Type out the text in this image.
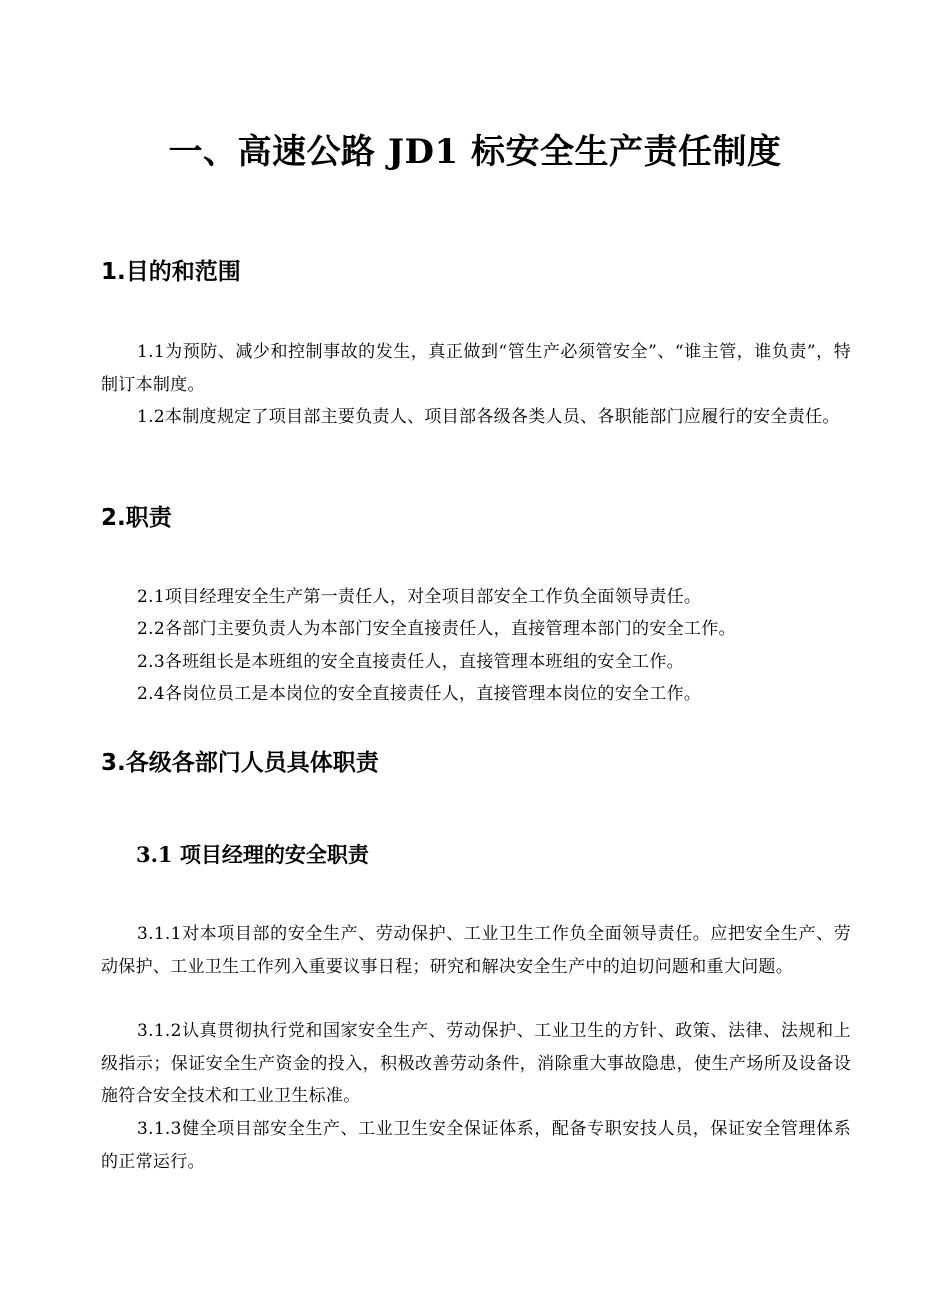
一、高速公路 JD1 标安全生产责任制度
1.目的和范围

1.1为预防、减少和控制事故的发生，真正做到“管生产必须管安全”、“谁主管，谁负责”，特制订本制度。

1.2本制度规定了项目部主要负责人、项目部各级各类人员、各职能部门应履行的安全责任。

2.职责

2.1项目经理安全生产第一责任人，对全项目部安全工作负全面领导责任。

2.2各部门主要负责人为本部门安全直接责任人，直接管理本部门的安全工作。

2.3各班组长是本班组的安全直接责任人，直接管理本班组的安全工作。

2.4各岗位员工是本岗位的安全直接责任人，直接管理本岗位的安全工作。

3.各级各部门人员具体职责
3.1 项目经理的安全职责

3.1.1对本项目部的安全生产、劳动保护、工业卫生工作负全面领导责任。应把安全生产、劳动保护、工业卫生工作列入重要议事日程；研究和解决安全生产中的迫切问题和重大问题。

3.1.2认真贯彻执行党和国家安全生产、劳动保护、工业卫生的方针、政策、法律、法规和上级指示；保证安全生产资金的投入，积极改善劳动条件，消除重大事故隐患，使生产场所及设备设施符合安全技术和工业卫生标准。

3.1.3健全项目部安全生产、工业卫生安全保证体系，配备专职安技人员，保证安全管理体系的正常运行。
